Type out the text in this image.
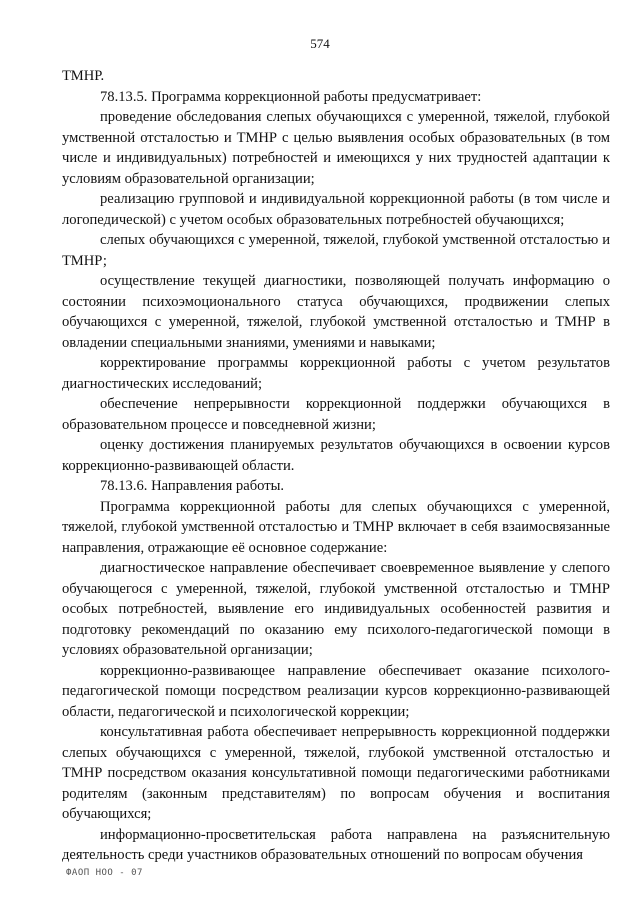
574

ТМНР.

78.13.5. Программа коррекционной работы предусматривает:

проведение обследования слепых обучающихся с умеренной, тяжелой, глубокой умственной отсталостью и ТМНР с целью выявления особых образовательных (в том числе и индивидуальных) потребностей и имеющихся у них трудностей адаптации к условиям образовательной организации;

реализацию групповой и индивидуальной коррекционной работы (в том числе и логопедической) с учетом особых образовательных потребностей обучающихся;

слепых обучающихся с умеренной, тяжелой, глубокой умственной отсталостью и ТМНР;

осуществление текущей диагностики, позволяющей получать информацию о состоянии психоэмоционального статуса обучающихся, продвижении слепых обучающихся с умеренной, тяжелой, глубокой умственной отсталостью и ТМНР в овладении специальными знаниями, умениями и навыками;

корректирование программы коррекционной работы с учетом результатов диагностических исследований;

обеспечение непрерывности коррекционной поддержки обучающихся в образовательном процессе и повседневной жизни;

оценку достижения планируемых результатов обучающихся в освоении курсов коррекционно-развивающей области.

78.13.6. Направления работы.

Программа коррекционной работы для слепых обучающихся с умеренной, тяжелой, глубокой умственной отсталостью и ТМНР включает в себя взаимосвязанные направления, отражающие её основное содержание:

диагностическое направление обеспечивает своевременное выявление у слепого обучающегося с умеренной, тяжелой, глубокой умственной отсталостью и ТМНР особых потребностей, выявление его индивидуальных особенностей развития и подготовку рекомендаций по оказанию ему психолого-педагогической помощи в условиях образовательной организации;

коррекционно-развивающее направление обеспечивает оказание психолого-педагогической помощи посредством реализации курсов коррекционно-развивающей области, педагогической и психологической коррекции;

консультативная работа обеспечивает непрерывность коррекционной поддержки слепых обучающихся с умеренной, тяжелой, глубокой умственной отсталостью и ТМНР посредством оказания консультативной помощи педагогическими работниками родителям (законным представителям) по вопросам обучения и воспитания обучающихся;

информационно-просветительская работа направлена на разъяснительную деятельность среди участников образовательных отношений по вопросам обучения

ФАОП НОО - 07
